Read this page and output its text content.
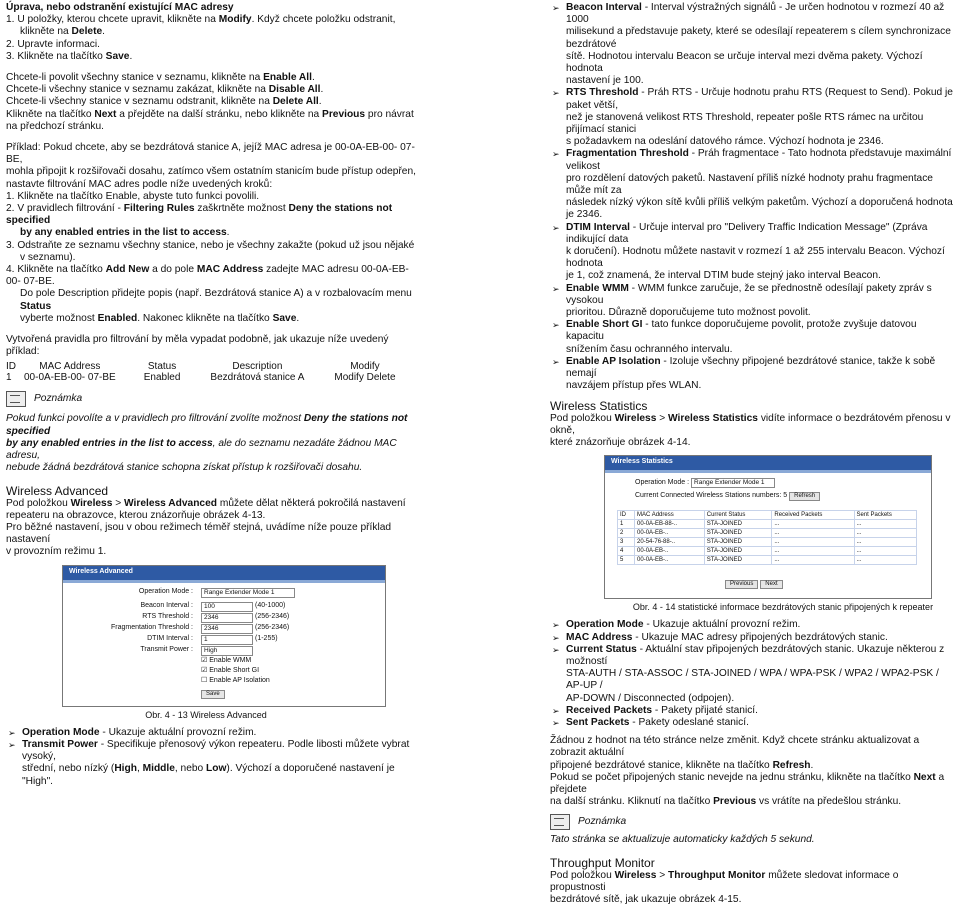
Úprava, nebo odstranění existující MAC adresy

1. U položky, kterou chcete upravit, klikněte na Modify. Když chcete položku odstranit,

klikněte na Delete.

2. Upravte informaci.

3. Klikněte na tlačítko Save.

Chcete-li povolit všechny stanice v seznamu, klikněte na Enable All.

Chcete-li všechny stanice v seznamu zakázat, klikněte na Disable All.

Chcete-li všechny stanice v seznamu odstranit, klikněte na Delete All.

Klikněte na tlačítko Next a přejděte na další stránku, nebo klikněte na Previous pro návrat

na předchozí stránku.

Příklad: Pokud chcete, aby se bezdrátová stanice A, jejíž MAC adresa je 00-0A-EB-00- 07-BE,

mohla připojit k rozšiřovači dosahu, zatímco všem ostatním stanicím bude přístup odepřen,

nastavte filtrování MAC adres podle níže uvedených kroků:

1. Klikněte na tlačítko Enable, abyste tuto funkci povolili.

2. V pravidlech filtrování - Filtering Rules zaškrtněte možnost Deny the stations not specified

by any enabled entries in the list to access.

3. Odstraňte ze seznamu všechny stanice, nebo je všechny zakažte (pokud už jsou nějaké

v seznamu).

4. Klikněte na tlačítko Add New a do pole MAC Address zadejte MAC adresu 00-0A-EB-00- 07-BE.

Do pole Description přidejte popis (např. Bezdrátová stanice A) a v rozbalovacím menu Status

vyberte možnost Enabled. Nakonec klikněte na tlačítko Save.

Vytvořená pravidla pro filtrování by měla vypadat podobně, jak ukazuje níže uvedený příklad:

ID	MAC Address	Status	Description	Modify
1	00-0A-EB-00- 07-BE	Enabled	Bezdrátová stanice A	Modify Delete
Poznámka

Pokud funkci povolíte a v pravidlech pro filtrování zvolíte možnost Deny the stations not specified

by any enabled entries in the list to access, ale do seznamu nezadáte žádnou MAC adresu,

nebude žádná bezdrátová stanice schopna získat přístup k rozšiřovači dosahu.

Wireless Advanced

Pod položkou Wireless > Wireless Advanced můžete dělat některá pokročilá nastavení

repeateru na obrazovce, kterou znázorňuje obrázek 4-13.

Pro běžné nastavení, jsou v obou režimech téměř stejná, uvádíme níže pouze příklad nastavení

v provozním režimu 1.

Wireless Advanced
Operation Mode :	Range Extender Mode 1
Beacon Interval :	100	(40-1000)
RTS Threshold :	2346	(256-2346)
Fragmentation Threshold :	2346	(256-2346)
DTIM Interval :	1	(1-255)
Transmit Power :	High
☑ Enable WMM
☑ Enable Short GI
☐ Enable AP Isolation
Save
Obr. 4 - 13 Wireless Advanced

➢ Operation Mode - Ukazuje aktuální provozní režim.

➢ Transmit Power - Specifikuje přenosový výkon repeateru. Podle libosti můžete vybrat vysoký,

střední, nebo nízký (High, Middle, nebo Low). Výchozí a doporučené nastavení je "High".

➢ Beacon Interval - Interval výstražných signálů - Je určen hodnotou v rozmezí 40 až 1000

milisekund a představuje pakety, které se odesílají repeaterem s cílem synchronizace bezdrátové

sítě. Hodnotou intervalu Beacon se určuje interval mezi dvěma pakety. Výchozí hodnota

nastavení je 100.

➢ RTS Threshold - Práh RTS - Určuje hodnotu prahu RTS (Request to Send). Pokud je paket větší,

než je stanovená velikost RTS Threshold, repeater pošle RTS rámec na určitou přijímací stanici

s požadavkem na odeslání datového rámce. Výchozí hodnota je 2346.

➢ Fragmentation Threshold - Práh fragmentace - Tato hodnota představuje maximální velikost

pro rozdělení datových paketů. Nastavení příliš nízké hodnoty prahu fragmentace může mít za

následek nízký výkon sítě kvůli příliš velkým paketům. Výchozí a doporučená hodnota je 2346.

➢ DTIM Interval - Určuje interval pro "Delivery Traffic Indication Message" (Zpráva indikující data

k doručení). Hodnotu můžete nastavit v rozmezí 1 až 255 intervalu Beacon. Výchozí hodnota

je 1, což znamená, že interval DTIM bude stejný jako interval Beacon.

➢ Enable WMM - WMM funkce zaručuje, že se přednostně odesílají pakety zpráv s vysokou

prioritou. Důrazně doporučujeme tuto možnost povolit.

➢ Enable Short GI - tato funkce doporučujeme povolit, protože zvyšuje datovou kapacitu

snížením času ochranného intervalu.

➢ Enable AP Isolation - Izoluje všechny připojené bezdrátové stanice, takže k sobě nemají

navzájem přístup přes WLAN.

Wireless Statistics

Pod položkou Wireless > Wireless Statistics vidíte informace o bezdrátovém přenosu v okně,

které znázorňuje obrázek 4-14.

Wireless Statistics
Operation Mode : Range Extender Mode 1
Current Connected Wireless Stations numbers: 5 Refresh
ID	MAC Address	Current Status	Received Packets	Sent Packets
1	00-0A-EB-88-..	STA-JOINED	...	...
2	00-0A-EB-..	STA-JOINED	...	...
3	20-54-76-88-..	STA-JOINED	...	...
4	00-0A-EB-..	STA-JOINED	...	...
5	00-0A-EB-..	STA-JOINED	...	...
Previous Next
Obr. 4 - 14 statistické informace bezdrátových stanic připojených k repeater

➢ Operation Mode - Ukazuje aktuální provozní režim.

➢ MAC Address - Ukazuje MAC adresy připojených bezdrátových stanic.

➢ Current Status - Aktuální stav připojených bezdrátových stanic. Ukazuje některou z možností

STA-AUTH / STA-ASSOC / STA-JOINED / WPA / WPA-PSK / WPA2 / WPA2-PSK / AP-UP /

AP-DOWN / Disconnected (odpojen).

➢ Received Packets - Pakety přijaté stanicí.

➢ Sent Packets - Pakety odeslané stanicí.

Žádnou z hodnot na této stránce nelze změnit. Když chcete stránku aktualizovat a zobrazit aktuální

připojené bezdrátové stanice, klikněte na tlačítko Refresh.

Pokud se počet připojených stanic nevejde na jednu stránku, klikněte na tlačítko Next a přejdete

na další stránku. Kliknutí na tlačítko Previous vs vrátíte na předešlou stránku.

Poznámka

Tato stránka se aktualizuje automaticky každých 5 sekund.

Throughput Monitor

Pod položkou Wireless > Throughput Monitor můžete sledovat informace o propustnosti

bezdrátové sítě, jak ukazuje obrázek 4-15.
